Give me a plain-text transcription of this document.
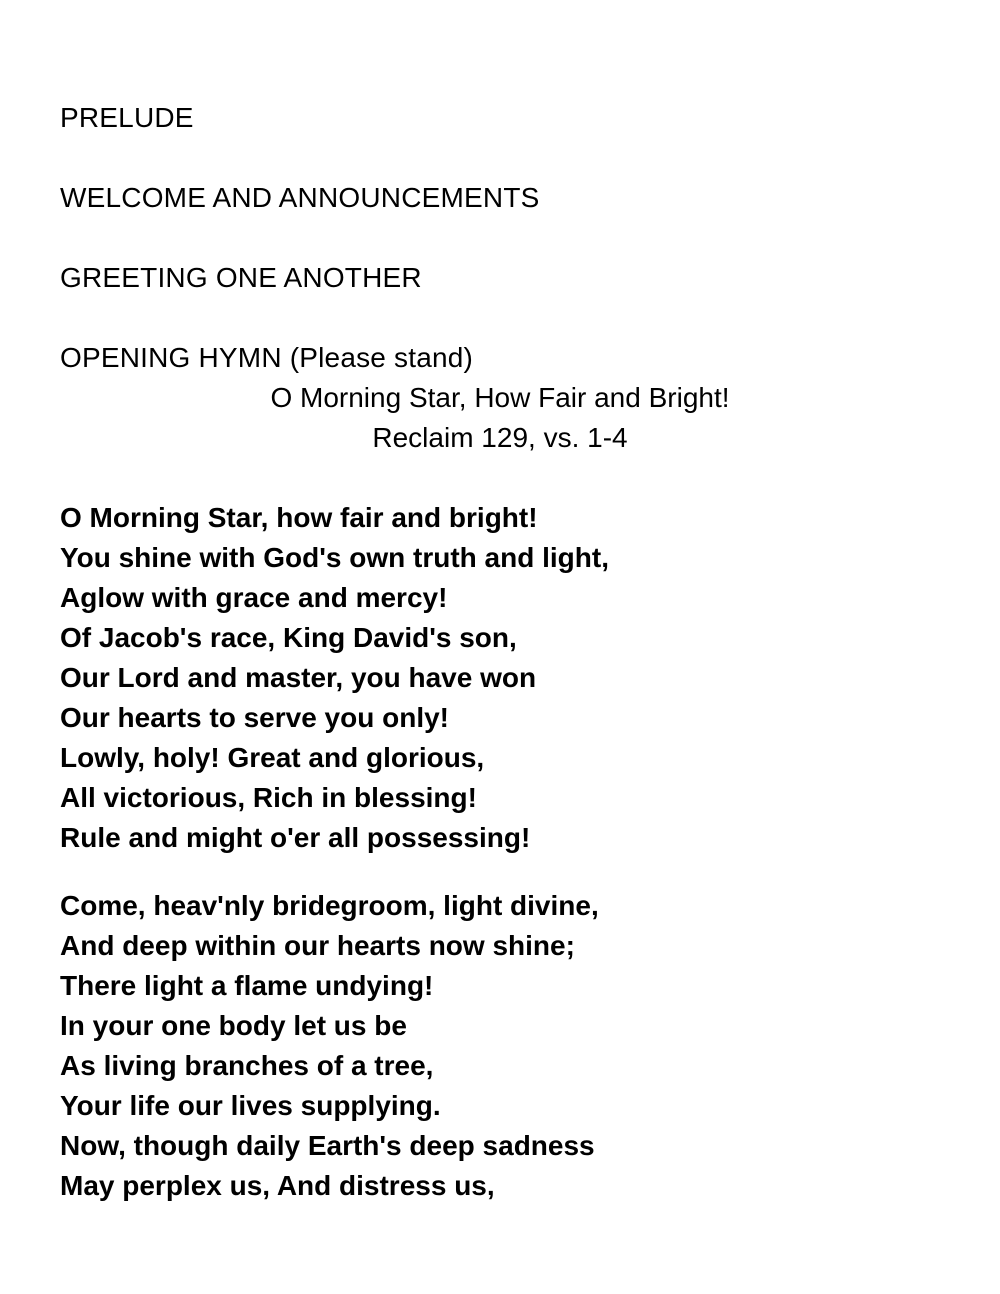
PRELUDE

WELCOME AND ANNOUNCEMENTS

GREETING ONE ANOTHER

OPENING HYMN (Please stand)

O Morning Star, How Fair and Bright!

Reclaim 129, vs. 1-4

O Morning Star, how fair and bright!
You shine with God's own truth and light,
Aglow with grace and mercy!
Of Jacob's race, King David's son,
Our Lord and master, you have won
Our hearts to serve you only!
Lowly, holy! Great and glorious,
All victorious, Rich in blessing!
Rule and might o'er all possessing!
Come, heav'nly bridegroom, light divine,
And deep within our hearts now shine;
There light a flame undying!
In your one body let us be
As living branches of a tree,
Your life our lives supplying.
Now, though daily Earth's deep sadness
May perplex us, And distress us,
